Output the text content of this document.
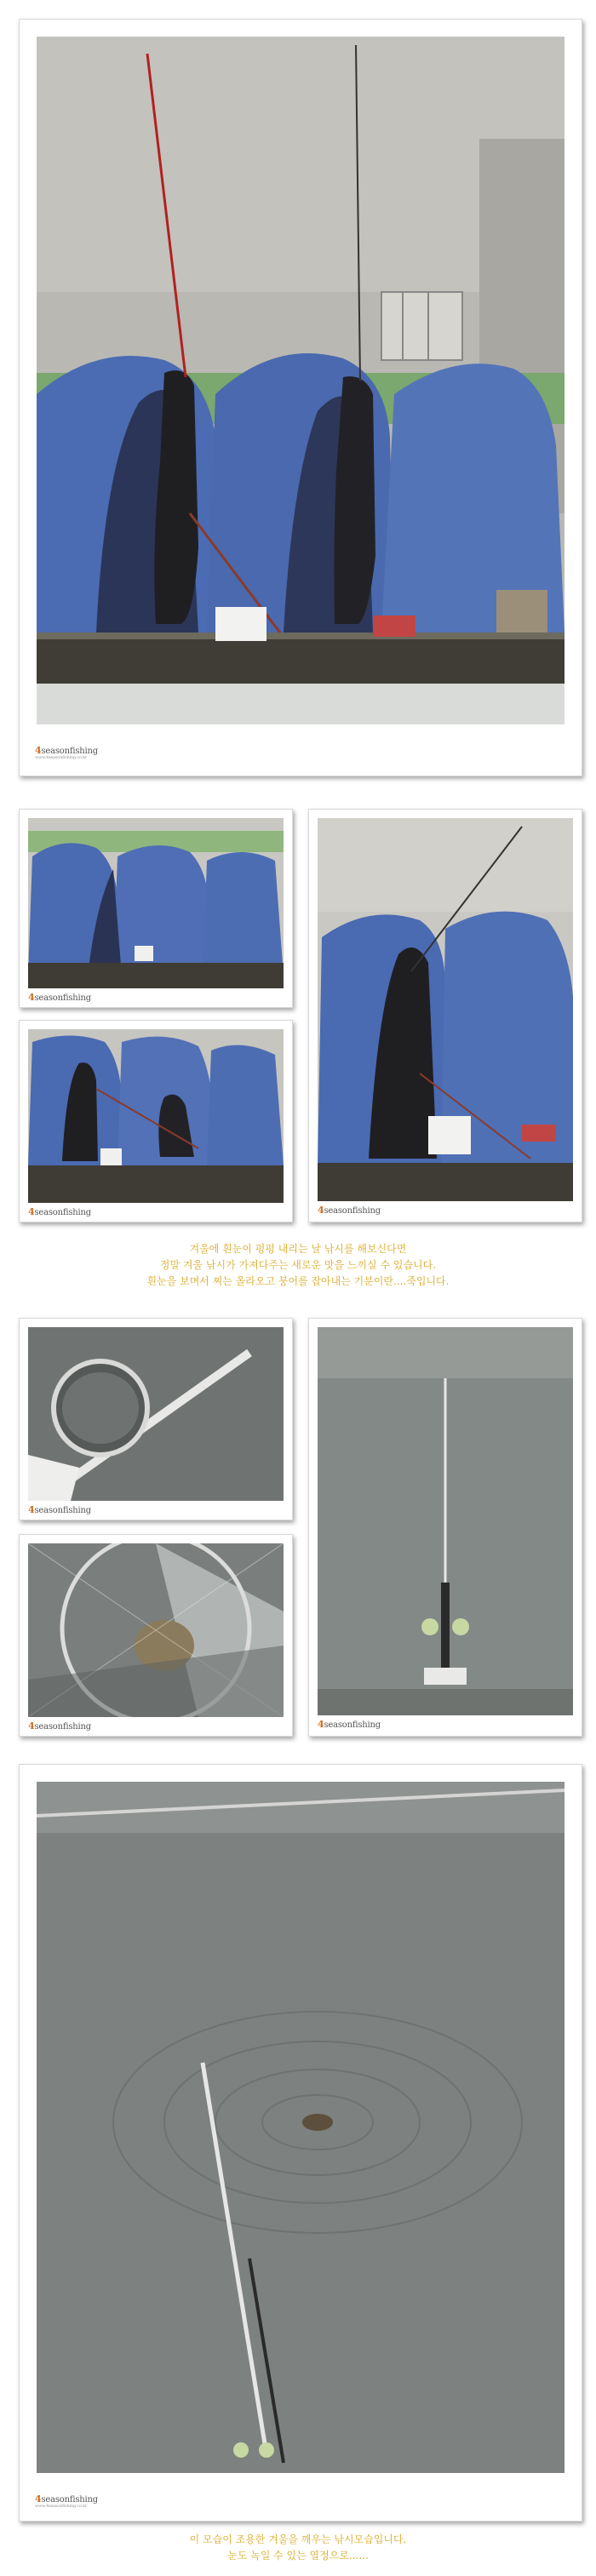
4seasonfishing
www.4seasonfishing.co.kr
4seasonfishing
4seasonfishing	4seasonfishing
겨울에 흰눈이 펑펑 내리는 날 낚시를 해보신다면
정말 겨울 낚시가 가져다주는 새로운 맛을 느끼실 수 있습니다.
흰눈을 보며서 찌는 올라오고 붕어를 잡아내는 기분이란....죽입니다.
4seasonfishing
4seasonfishing	4seasonfishing
4seasonfishing
www.4seasonfishing.co.kr
이 모습이 조용한 겨울을 깨우는 낚시모습입니다.
눈도 녹일 수 있는 열정으로......
